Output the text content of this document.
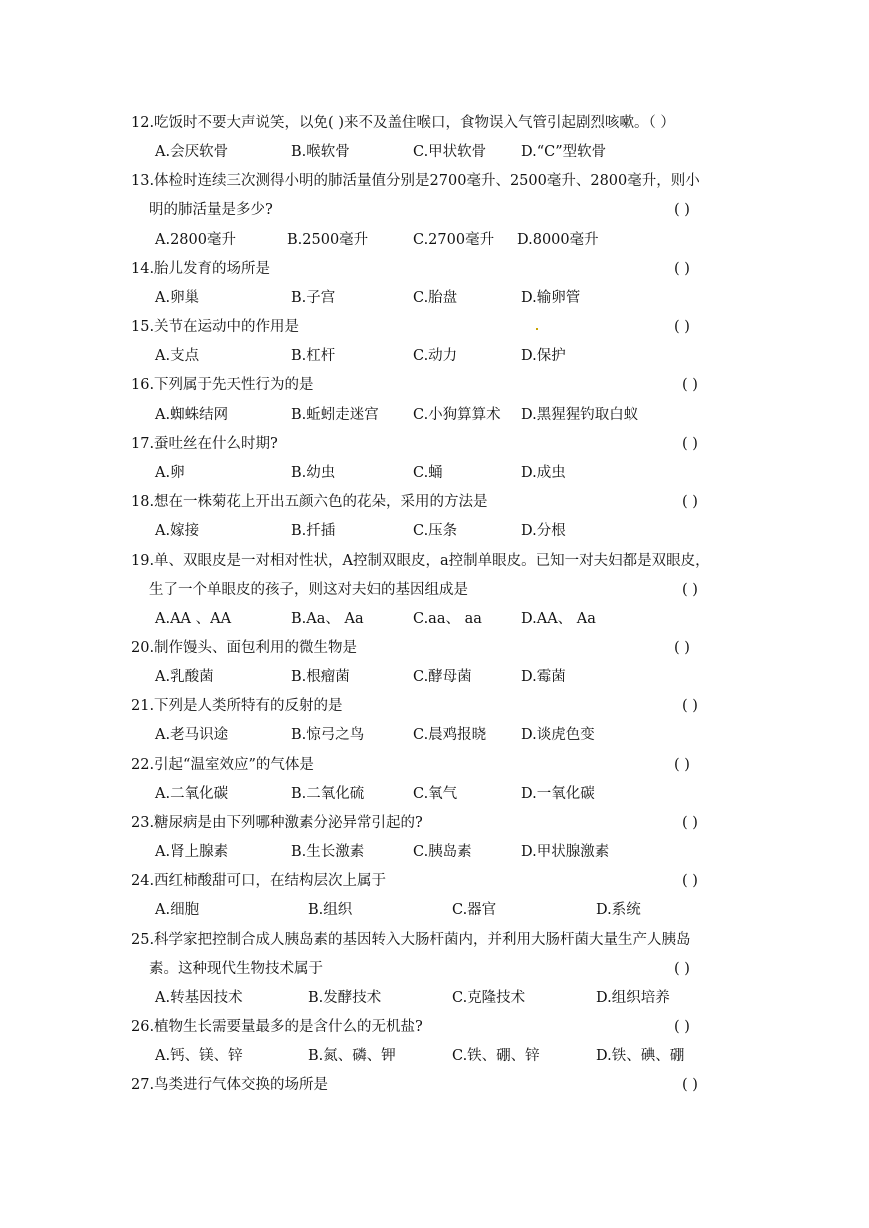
12.吃饭时不要大声说笑，以免( )来不及盖住喉口，食物误入气管引起剧烈咳嗽。（ ）
A.会厌软骨	B.喉软骨	C.甲状软骨 D.“C”型软骨
13.体检时连续三次测得小明的肺活量值分别是2700毫升、2500毫升、2800毫升，则小
明的肺活量是多少?	( )
A.2800毫升	B.2500毫升	C.2700毫升 D.8000毫升
14.胎儿发育的场所是	( )
A.卵巢	B.子宫	C.胎盘	D.输卵管
15.关节在运动中的作用是	( )
A.支点	B.杠杆	C.动力	D.保护
16.下列属于先天性行为的是	( )
A.蜘蛛结网	B.蚯蚓走迷宫 C.小狗算算术 D.黑猩猩钓取白蚁
17.蚕吐丝在什么时期?	( )
A.卵	B.幼虫	C.蛹	D.成虫
18.想在一株菊花上开出五颜六色的花朵，采用的方法是	( )
A.嫁接	B.扦插	C.压条	D.分根
19.单、双眼皮是一对相对性状，A控制双眼皮，a控制单眼皮。已知一对夫妇都是双眼皮，
生了一个单眼皮的孩子，则这对夫妇的基因组成是	( )
A.AA 、AA	B.Aa、 Aa	C.aa、 aa	D.AA、 Aa
20.制作馒头、面包利用的微生物是	( )
A.乳酸菌	B.根瘤菌	C.酵母菌	D.霉菌
21.下列是人类所特有的反射的是	( )
A.老马识途	B.惊弓之鸟	C.晨鸡报晓 D.谈虎色变
22.引起“温室效应”的气体是	( )
A.二氧化碳	B.二氧化硫	C.氧气	D.一氧化碳
23.糖尿病是由下列哪种激素分泌异常引起的?	( )
A.肾上腺素	B.生长激素	C.胰岛素	D.甲状腺激素
24.西红柿酸甜可口，在结构层次上属于	( )
A.细胞	B.组织	C.器官	D.系统
25.科学家把控制合成人胰岛素的基因转入大肠杆菌内，并利用大肠杆菌大量生产人胰岛
素。这种现代生物技术属于	( )
A.转基因技术	B.发酵技术	C.克隆技术	D.组织培养
26.植物生长需要量最多的是含什么的无机盐?	( )
A.钙、镁、锌	B.氮、磷、钾	C.铁、硼、锌	D.铁、碘、硼
27.鸟类进行气体交换的场所是	( )
